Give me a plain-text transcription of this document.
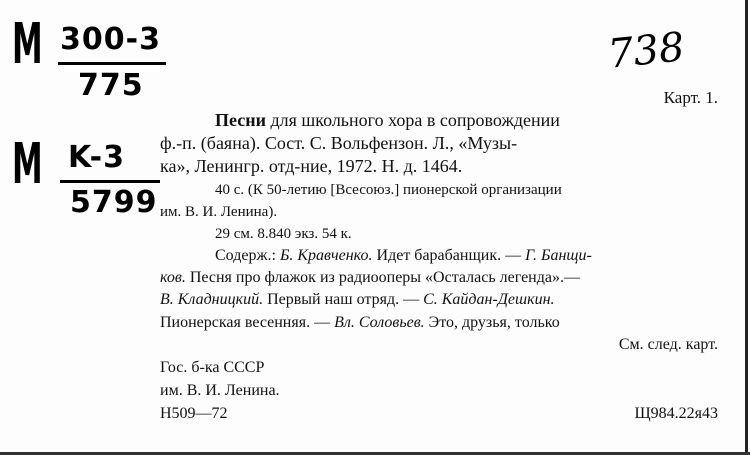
M 300-3
775
M K-3
5799
738
Карт. 1.
Песни для школьного хора в сопровождении
ф.-п. (баяна). Сост. С. Вольфензон. Л., «Музы-
ка», Ленингр. отд-ние, 1972. Н. д. 1464.
40 с. (К 50-летию [Всесоюз.] пионерской организации
им. В. И. Ленина).
29 см. 8.840 экз. 54 к.
Содерж.: Б. Кравченко. Идет барабанщик. — Г. Банщи-
ков. Песня про флажок из радиооперы «Осталась легенда».—
В. Кладницкий. Первый наш отряд. — С. Кайдан-Дешкин.
Пионерская весенняя. — Вл. Соловьев. Это, друзья, только
См. след. карт.
Гос. б-ка СССР
им. В. И. Ленина.
Н509—72	Щ984.22я43
